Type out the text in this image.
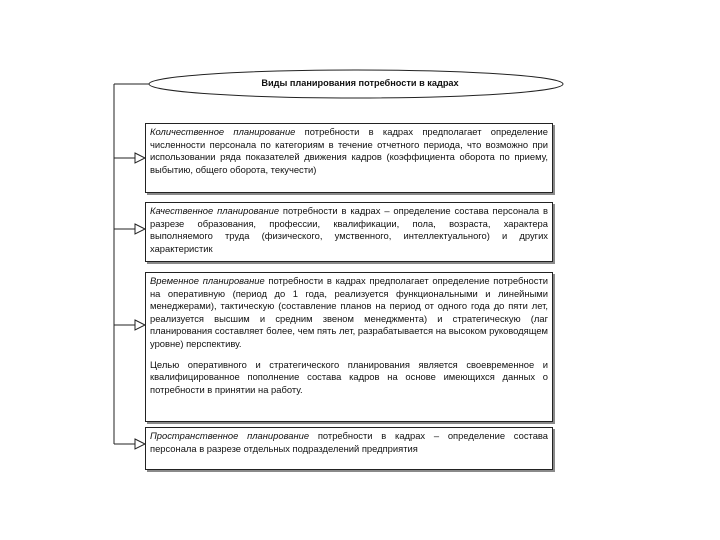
Виды планирования потребности в кадрах

Количественное планирование потребности в кадрах предполагает определение численности персонала по категориям в течение отчетного периода, что возможно при использовании ряда показателей движения кадров (коэффициента оборота по приему, выбытию, общего оборота, текучести)

Качественное планирование потребности в кадрах – определение состава персонала в разрезе образования, профессии, квалификации, пола, возраста, характера выполняемого труда (физического, умственного, интеллектуального) и других характеристик

Временное планирование потребности в кадрах предполагает определение потребности на оперативную (период до 1 года, реализуется функциональными и линейными менеджерами), тактическую (составление планов на период от одного года до пяти лет, реализуется высшим и средним звеном менеджмента) и стратегическую (лаг планирования составляет более, чем пять лет, разрабатывается на высоком руководящем уровне) перспективу.

Целью оперативного и стратегического планирования является своевременное и квалифицированное пополнение состава кадров на основе имеющихся данных о потребности в принятии на работу.

Пространственное планирование потребности в кадрах – определение состава персонала в разрезе отдельных подразделений предприятия
